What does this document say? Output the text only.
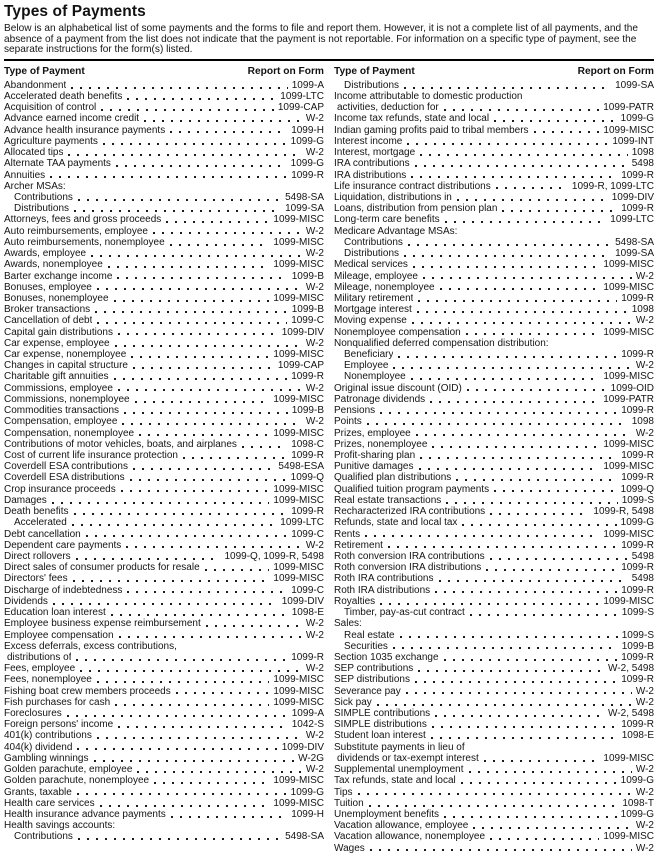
Types of Payments

Below is an alphabetical list of some payments and the forms to file and report them. However, it is not a complete list of all payments, and the absence of a payment from the list does not indicate that the payment is not reportable. For information on a specific type of payment, see the separate instructions for the form(s) listed.

Type of Payment	Report on Form
Abandonment	1099-A
Accelerated death benefits	1099-LTC
Acquisition of control	1099-CAP
Advance earned income credit	W-2
Advance health insurance payments	1099-H
Agriculture payments	1099-G
Allocated tips	W-2
Alternate TAA payments	1099-G
Annuities	1099-R
Archer MSAs:
Contributions	5498-SA
Distributions	1099-SA
Attorneys, fees and gross proceeds	1099-MISC
Auto reimbursements, employee	W-2
Auto reimbursements, nonemployee	1099-MISC
Awards, employee	W-2
Awards, nonemployee	1099-MISC
Barter exchange income	1099-B
Bonuses, employee	W-2
Bonuses, nonemployee	1099-MISC
Broker transactions	1099-B
Cancellation of debt	1099-C
Capital gain distributions	1099-DIV
Car expense, employee	W-2
Car expense, nonemployee	1099-MISC
Changes in capital structure	1099-CAP
Charitable gift annuities	1099-R
Commissions, employee	W-2
Commissions, nonemployee	1099-MISC
Commodities transactions	1099-B
Compensation, employee	W-2
Compensation, nonemployee	1099-MISC
Contributions of motor vehicles, boats, and airplanes	1098-C
Cost of current life insurance protection	1099-R
Coverdell ESA contributions	5498-ESA
Coverdell ESA distributions	1099-Q
Crop insurance proceeds	1099-MISC
Damages	1099-MISC
Death benefits	1099-R
Accelerated	1099-LTC
Debt cancellation	1099-C
Dependent care payments	W-2
Direct rollovers	1099-Q, 1099-R, 5498
Direct sales of consumer products for resale	1099-MISC
Directors' fees	1099-MISC
Discharge of indebtedness	1099-C
Dividends	1099-DIV
Education loan interest	1098-E
Employee business expense reimbursement	W-2
Employee compensation	W-2
Excess deferrals, excess contributions,
distributions of	1099-R
Fees, employee	W-2
Fees, nonemployee	1099-MISC
Fishing boat crew members proceeds	1099-MISC
Fish purchases for cash	1099-MISC
Foreclosures	1099-A
Foreign persons' income	1042-S
401(k) contributions	W-2
404(k) dividend	1099-DIV
Gambling winnings	W-2G
Golden parachute, employee	W-2
Golden parachute, nonemployee	1099-MISC
Grants, taxable	1099-G
Health care services	1099-MISC
Health insurance advance payments	1099-H
Health savings accounts:
Contributions	5498-SA
Type of Payment	Report on Form
Distributions	1099-SA
Income attributable to domestic production
activities, deduction for	1099-PATR
Income tax refunds, state and local	1099-G
Indian gaming profits paid to tribal members	1099-MISC
Interest income	1099-INT
Interest, mortgage	1098
IRA contributions	5498
IRA distributions	1099-R
Life insurance contract distributions	1099-R, 1099-LTC
Liquidation, distributions in	1099-DIV
Loans, distribution from pension plan	1099-R
Long-term care benefits	1099-LTC
Medicare Advantage MSAs:
Contributions	5498-SA
Distributions	1099-SA
Medical services	1099-MISC
Mileage, employee	W-2
Mileage, nonemployee	1099-MISC
Military retirement	1099-R
Mortgage interest	1098
Moving expense	W-2
Nonemployee compensation	1099-MISC
Nonqualified deferred compensation distribution:
Beneficiary	1099-R
Employee	W-2
Nonemployee	1099-MISC
Original issue discount (OID)	1099-OID
Patronage dividends	1099-PATR
Pensions	1099-R
Points	1098
Prizes, employee	W-2
Prizes, nonemployee	1099-MISC
Profit-sharing plan	1099-R
Punitive damages	1099-MISC
Qualified plan distributions	1099-R
Qualified tuition program payments	1099-Q
Real estate transactions	1099-S
Recharacterized IRA contributions	1099-R, 5498
Refunds, state and local tax	1099-G
Rents	1099-MISC
Retirement	1099-R
Roth conversion IRA contributions	5498
Roth conversion IRA distributions	1099-R
Roth IRA contributions	5498
Roth IRA distributions	1099-R
Royalties	1099-MISC
Timber, pay-as-cut contract	1099-S
Sales:
Real estate	1099-S
Securities	1099-B
Section 1035 exchange	1099-R
SEP contributions	W-2, 5498
SEP distributions	1099-R
Severance pay	W-2
Sick pay	W-2
SIMPLE contributions	W-2, 5498
SIMPLE distributions	1099-R
Student loan interest	1098-E
Substitute payments in lieu of
dividends or tax-exempt interest	1099-MISC
Supplemental unemployment	W-2
Tax refunds, state and local	1099-G
Tips	W-2
Tuition	1098-T
Unemployment benefits	1099-G
Vacation allowance, employee	W-2
Vacation allowance, nonemployee	1099-MISC
Wages	W-2
